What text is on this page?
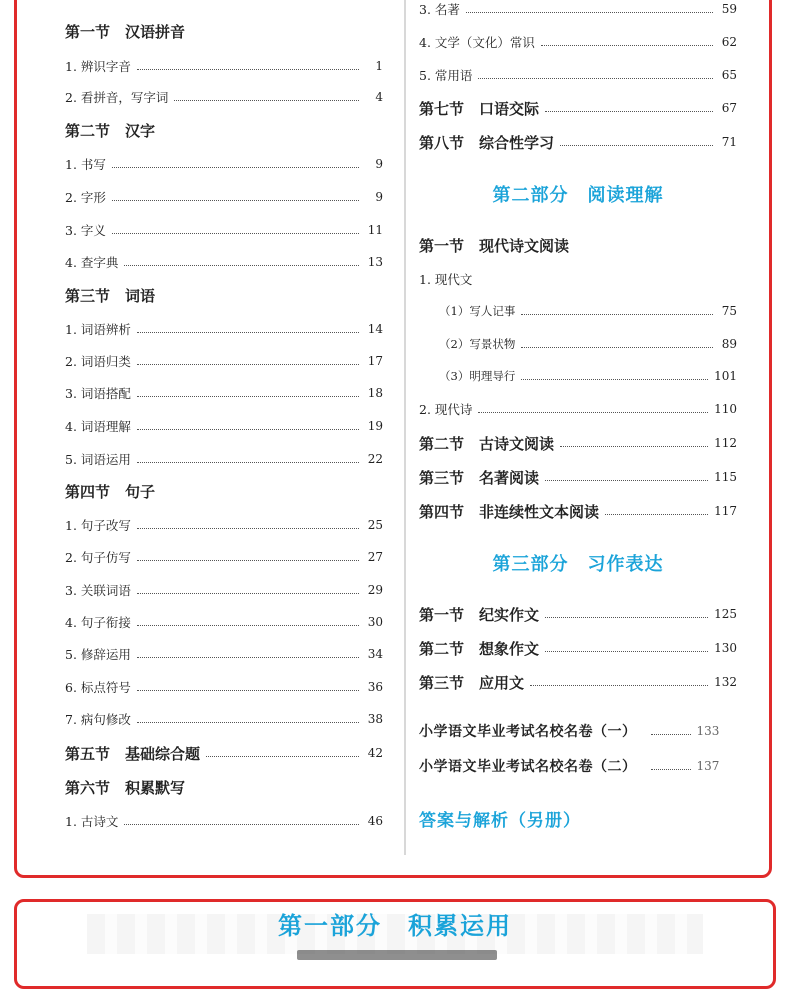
第一节　汉语拼音
1. 辨识字音	1
2. 看拼音，写字词	4
第二节　汉字
1. 书写	9
2. 字形	9
3. 字义	11
4. 查字典	13
第三节　词语
1. 词语辨析	14
2. 词语归类	17
3. 词语搭配	18
4. 词语理解	19
5. 词语运用	22
第四节　句子
1. 句子改写	25
2. 句子仿写	27
3. 关联词语	29
4. 句子衔接	30
5. 修辞运用	34
6. 标点符号	36
7. 病句修改	38
第五节　基础综合题	42
第六节　积累默写
1. 古诗文	46
3. 名著	59
4. 文学（文化）常识	62
5. 常用语	65
第七节　口语交际	67
第八节　综合性学习	71
第二部分　阅读理解
第一节　现代诗文阅读
1. 现代文
（1）写人记事	75
（2）写景状物	89
（3）明理导行	101
2. 现代诗	110
第二节　古诗文阅读	112
第三节　名著阅读	115
第四节　非连续性文本阅读	117
第三部分　习作表达
第一节　纪实作文	125
第二节　想象作文	130
第三节　应用文	132
小学语文毕业考试名校名卷（一）	133
小学语文毕业考试名校名卷（二）	137
答案与解析（另册）
第一部分　积累运用
